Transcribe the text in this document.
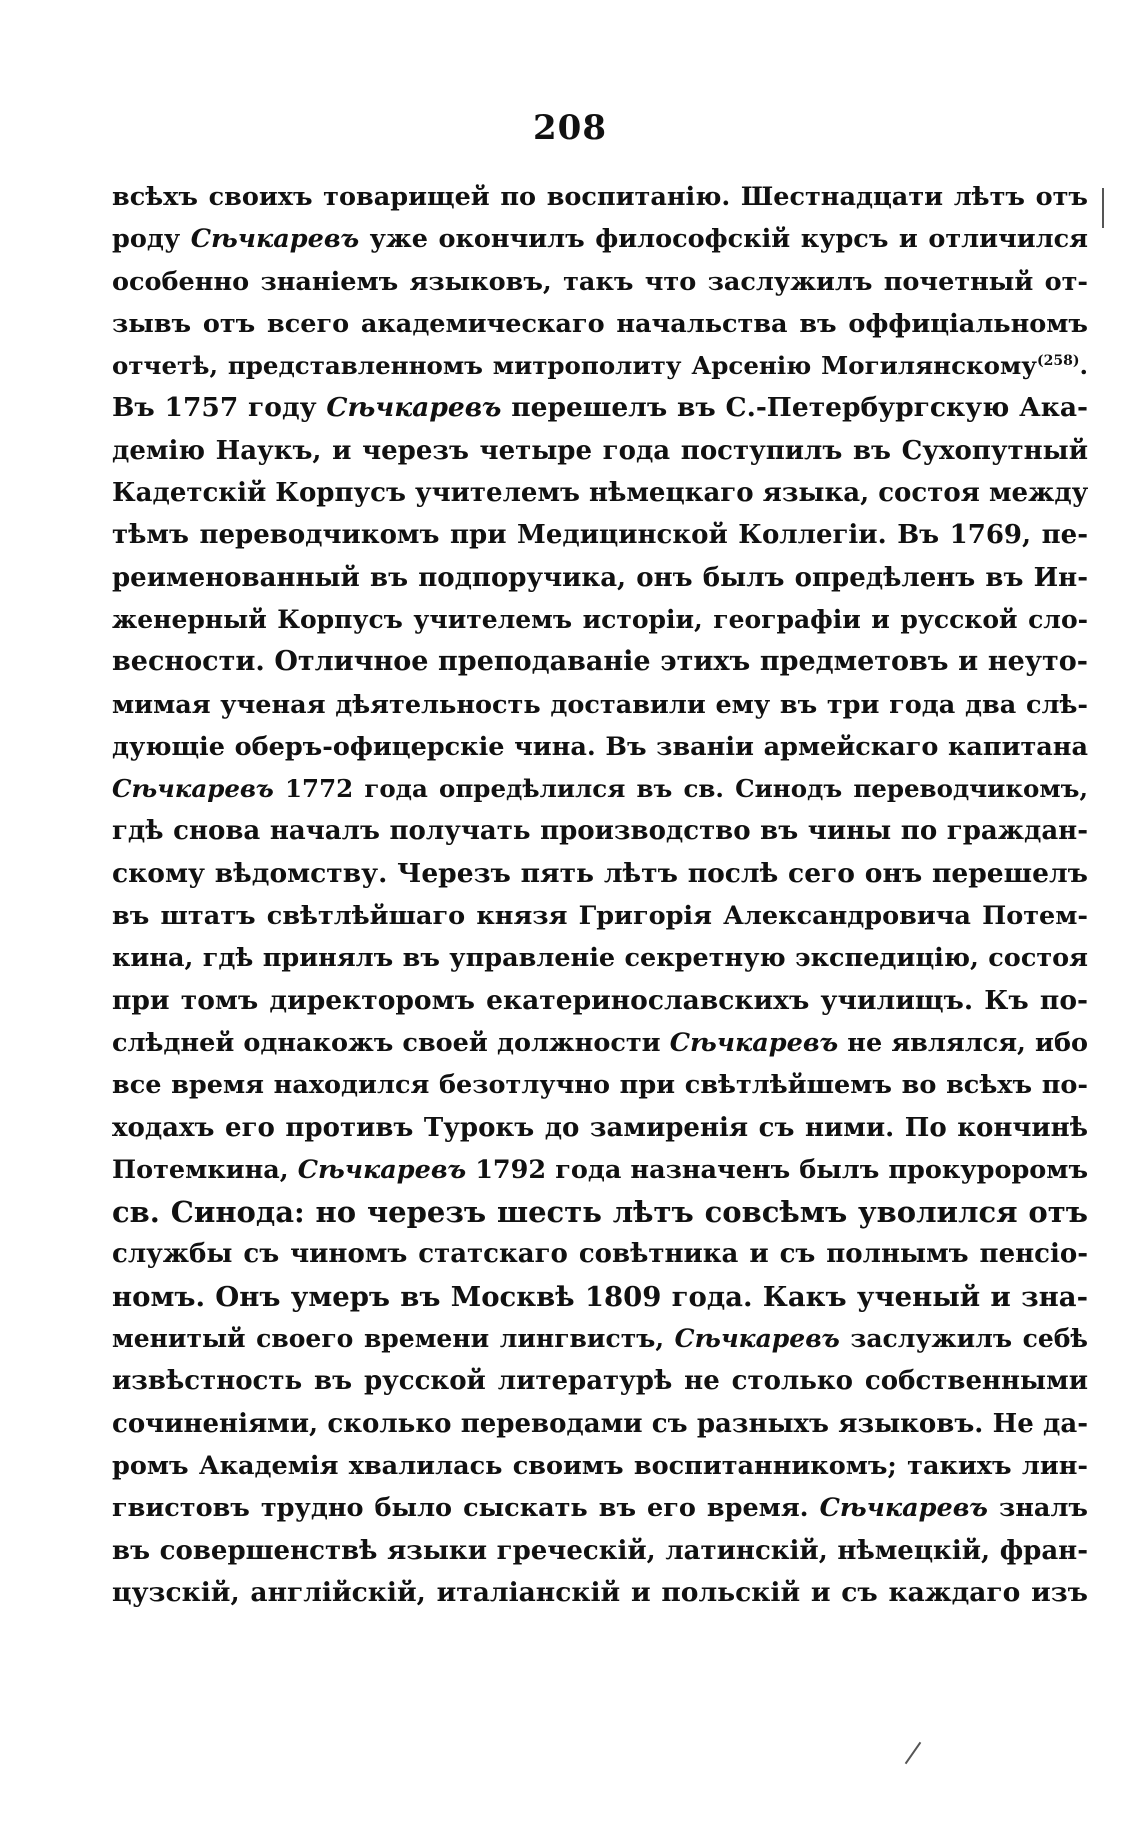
208
всѣхъ своихъ товарищей по воспитанію. Шестнадцати лѣтъ отъ
роду Сѣчкаревъ уже окончилъ философскій курсъ и отличился
особенно знаніемъ языковъ, такъ что заслужилъ почетный от-
зывъ отъ всего академическаго начальства въ оффиціальномъ
отчетѣ, представленномъ митрополиту Арсенію Могилянскому$^{(258)}$.
Въ 1757 году Сѣчкаревъ перешелъ въ С.-Петербургскую Ака-
демію Наукъ, и черезъ четыре года поступилъ въ Сухопутный
Кадетскій Корпусъ учителемъ нѣмецкаго языка, состоя между
тѣмъ переводчикомъ при Медицинской Коллегіи. Въ 1769, пе-
реименованный въ подпоручика, онъ былъ опредѣленъ въ Ин-
женерный Корпусъ учителемъ исторіи, географіи и русской сло-
весности. Отличное преподаваніе этихъ предметовъ и неуто-
мимая ученая дѣятельность доставили ему въ три года два слѣ-
дующіе оберъ-офицерскіе чина. Въ званіи армейскаго капитана
Сѣчкаревъ 1772 года опредѣлился въ св. Синодъ переводчикомъ,
гдѣ снова началъ получать производство въ чины по граждан-
скому вѣдомству. Черезъ пять лѣтъ послѣ сего онъ перешелъ
въ штатъ свѣтлѣйшаго князя Григорія Александровича Потем-
кина, гдѣ принялъ въ управленіе секретную экспедицію, состоя
при томъ директоромъ екатеринославскихъ училищъ. Къ по-
слѣдней однакожъ своей должности Сѣчкаревъ не являлся, ибо
все время находился безотлучно при свѣтлѣйшемъ во всѣхъ по-
ходахъ его противъ Турокъ до замиренія съ ними. По кончинѣ
Потемкина, Сѣчкаревъ 1792 года назначенъ былъ прокуроромъ
св. Синода: но черезъ шесть лѣтъ совсѣмъ уволился отъ
службы съ чиномъ статскаго совѣтника и съ полнымъ пенсіо-
номъ. Онъ умеръ въ Москвѣ 1809 года. Какъ ученый и зна-
менитый своего времени лингвистъ, Сѣчкаревъ заслужилъ себѣ
извѣстность въ русской литературѣ не столько собственными
сочиненіями, сколько переводами съ разныхъ языковъ. Не да-
ромъ Академія хвалилась своимъ воспитанникомъ; такихъ лин-
гвистовъ трудно было сыскать въ его время. Сѣчкаревъ зналъ
въ совершенствѣ языки греческій, латинскій, нѣмецкій, фран-
цузскій, англійскій, италіанскій и польскій и съ каждаго изъ
